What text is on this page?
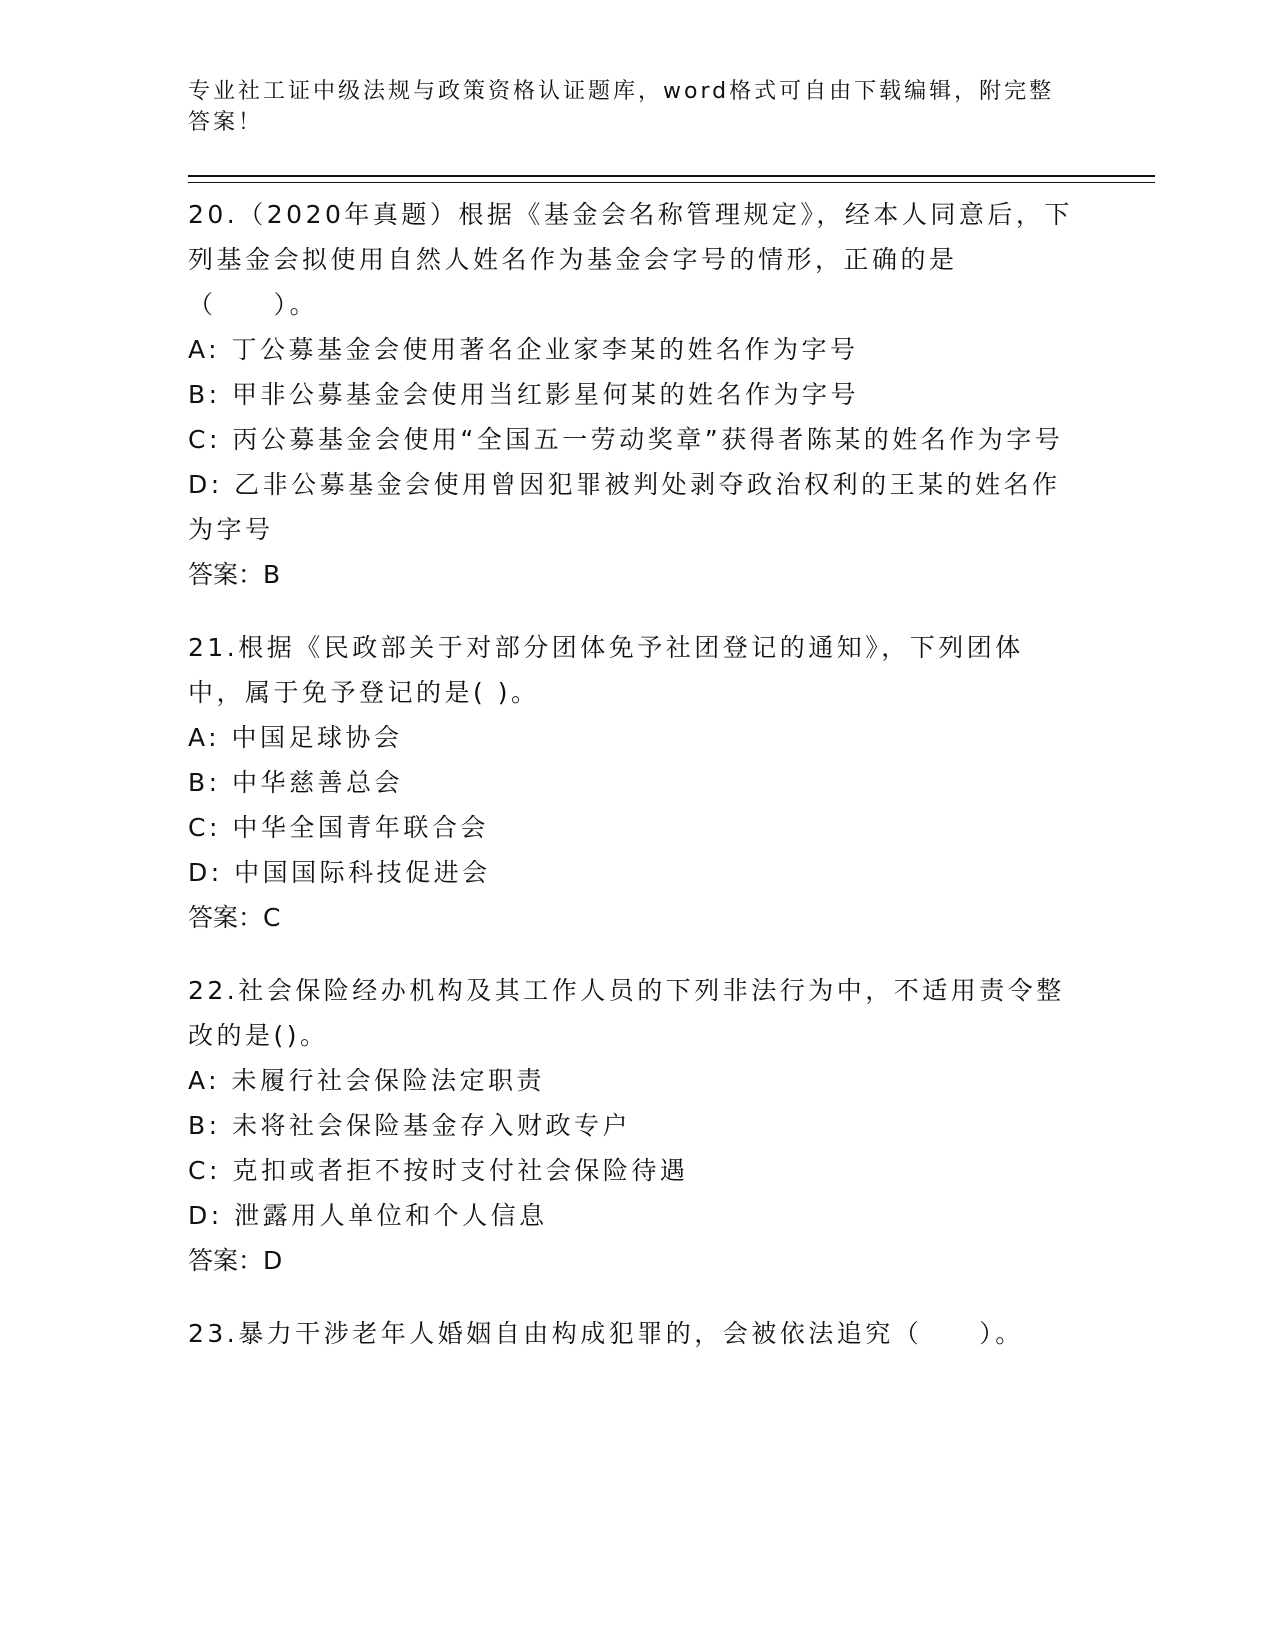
专业社工证中级法规与政策资格认证题库，word格式可自由下载编辑，附完整答案！

20.（2020年真题）根据《基金会名称管理规定》，经本人同意后，下列基金会拟使用自然人姓名作为基金会字号的情形，正确的是（　　）。

A: 丁公募基金会使用著名企业家李某的姓名作为字号

B: 甲非公募基金会使用当红影星何某的姓名作为字号

C: 丙公募基金会使用“全国五一劳动奖章”获得者陈某的姓名作为字号

D: 乙非公募基金会使用曾因犯罪被判处剥夺政治权利的王某的姓名作为字号

答案：B

21.根据《民政部关于对部分团体免予社团登记的通知》，下列团体中，属于免予登记的是( )。

A: 中国足球协会

B: 中华慈善总会

C: 中华全国青年联合会

D: 中国国际科技促进会

答案：C

22.社会保险经办机构及其工作人员的下列非法行为中，不适用责令整改的是()。

A: 未履行社会保险法定职责

B: 未将社会保险基金存入财政专户

C: 克扣或者拒不按时支付社会保险待遇

D: 泄露用人单位和个人信息

答案：D

23.暴力干涉老年人婚姻自由构成犯罪的，会被依法追究（　　）。
